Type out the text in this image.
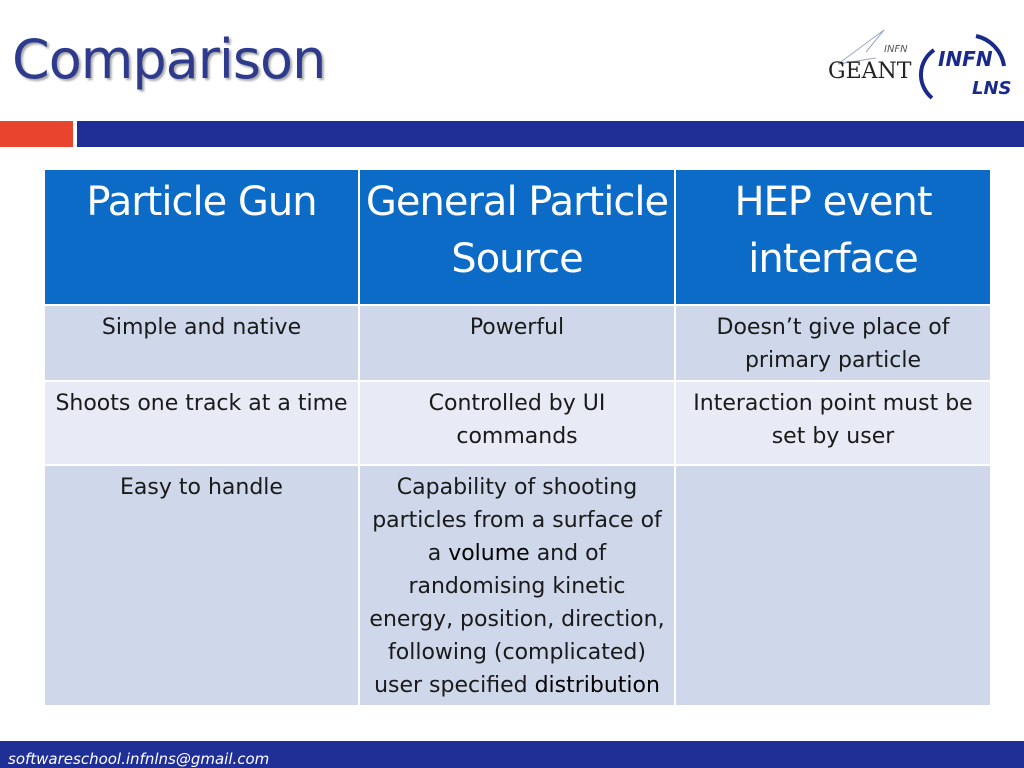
Comparison	INFN
GEANT INFN
LNS
Particle Gun	General Particle Source	HEP event interface
Simple and native	Powerful	Doesn’t give place of primary particle
Shoots one track at a time	Controlled by UI commands	Interaction point must be set by user
Easy to handle	Capability of shooting particles from a surface of a volume and of randomising kinetic energy, position, direction, following (complicated) user specified distribution	
softwareschool.infnlns@gmail.com
